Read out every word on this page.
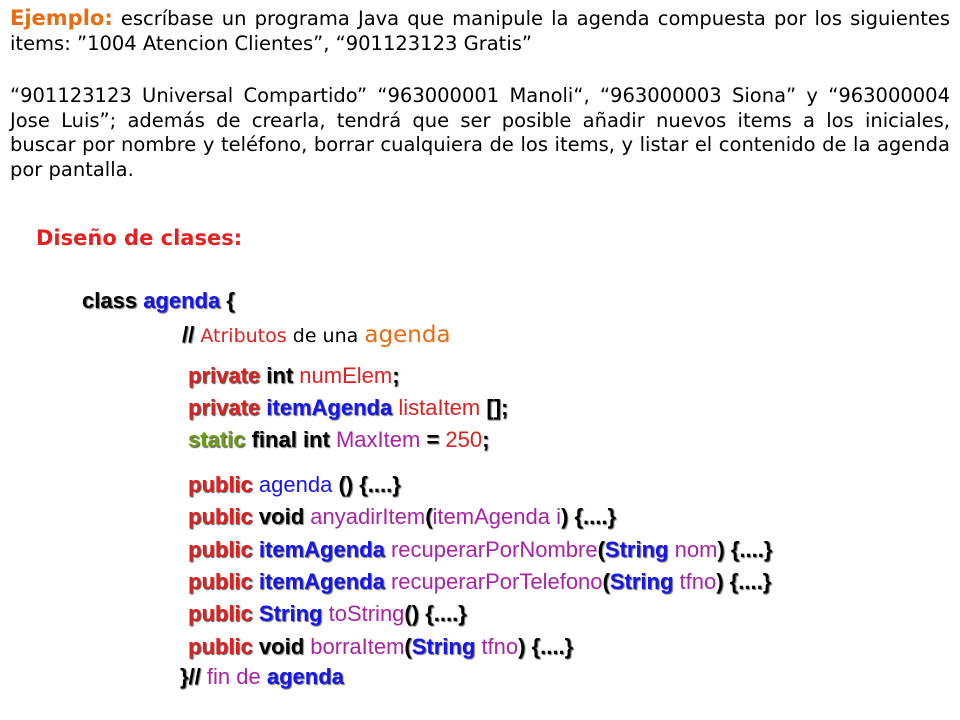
Ejemplo: escríbase un programa Java que manipule la agenda compuesta por los siguientes items: ”1004 Atencion Clientes”, “901123123 Gratis”

“901123123 Universal Compartido” “963000001 Manoli“, “963000003 Siona” y “963000004 Jose Luis”; además de crearla, tendrá que ser posible añadir nuevos items a los iniciales, buscar por nombre y teléfono, borrar cualquiera de los items, y listar el contenido de la agenda por pantalla.

Diseño de clases:

class agenda {

// Atributos de una agenda

private int numElem;

private itemAgenda listaItem [];

static final int MaxItem = 250;

public agenda () {....}

public void anyadirItem(itemAgenda i) {....}

public itemAgenda recuperarPorNombre(String nom) {....}

public itemAgenda recuperarPorTelefono(String tfno) {....}

public String toString() {....}

public void borraItem(String tfno) {....}

}// fin de agenda
